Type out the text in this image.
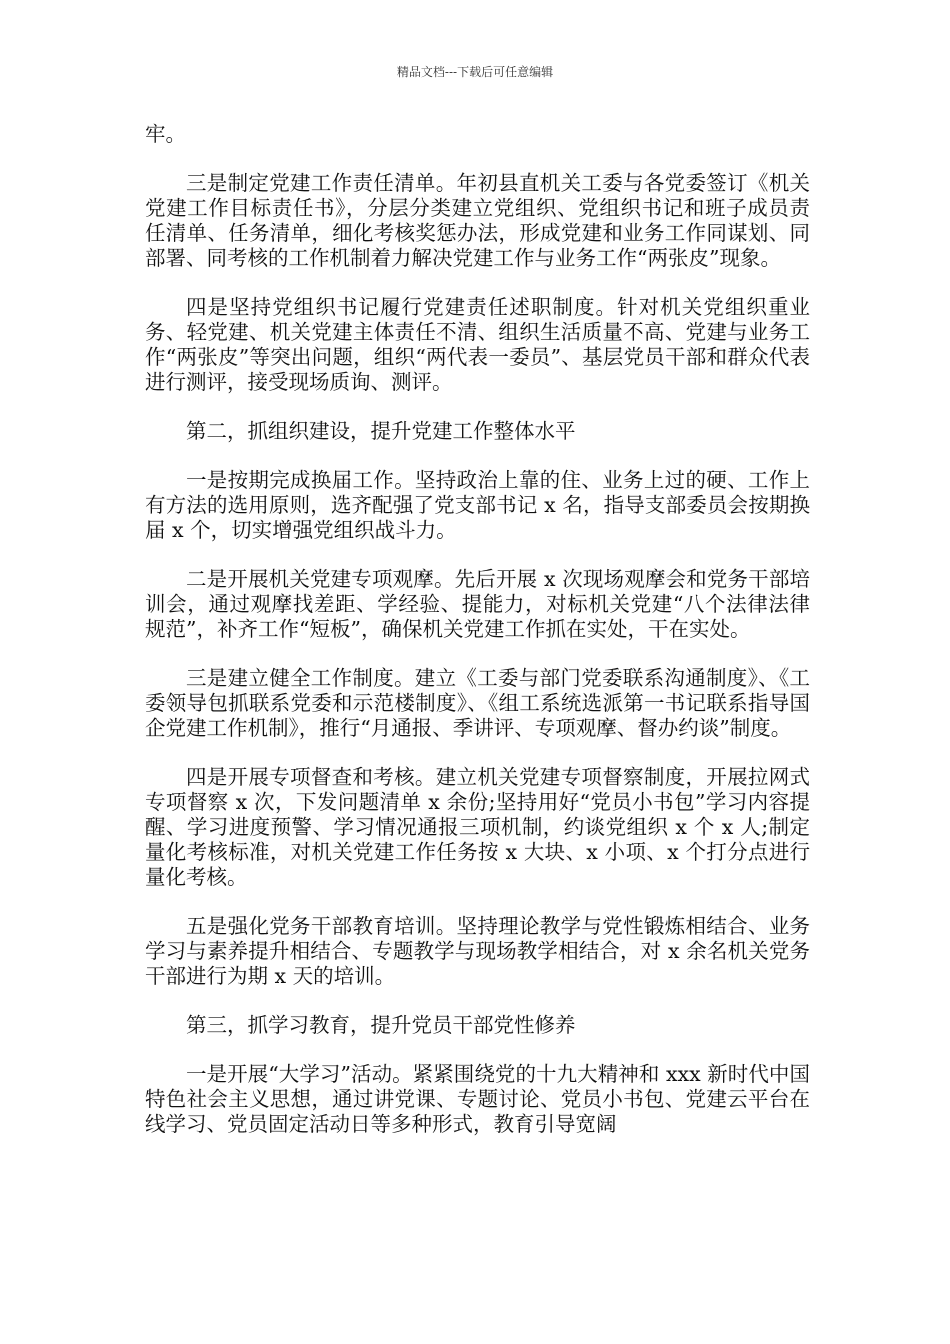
精品文档---下载后可任意编辑

牢。

三是制定党建工作责任清单。年初县直机关工委与各党委签订《机关党建工作目标责任书》，分层分类建立党组织、党组织书记和班子成员责任清单、任务清单，细化考核奖惩办法，形成党建和业务工作同谋划、同部署、同考核的工作机制着力解决党建工作与业务工作“两张皮”现象。

四是坚持党组织书记履行党建责任述职制度。针对机关党组织重业务、轻党建、机关党建主体责任不清、组织生活质量不高、党建与业务工作“两张皮”等突出问题，组织“两代表一委员”、基层党员干部和群众代表进行测评，接受现场质询、测评。

第二，抓组织建设，提升党建工作整体水平

一是按期完成换届工作。坚持政治上靠的住、业务上过的硬、工作上有方法的选用原则，选齐配强了党支部书记 x 名，指导支部委员会按期换届 x 个，切实增强党组织战斗力。

二是开展机关党建专项观摩。先后开展 x 次现场观摩会和党务干部培训会，通过观摩找差距、学经验、提能力，对标机关党建“八个法律法律规范”，补齐工作“短板”，确保机关党建工作抓在实处，干在实处。

三是建立健全工作制度。建立《工委与部门党委联系沟通制度》、《工委领导包抓联系党委和示范楼制度》、《组工系统选派第一书记联系指导国企党建工作机制》，推行“月通报、季讲评、专项观摩、督办约谈”制度。

四是开展专项督查和考核。建立机关党建专项督察制度，开展拉网式专项督察 x 次，下发问题清单 x 余份;坚持用好“党员小书包”学习内容提醒、学习进度预警、学习情况通报三项机制，约谈党组织 x 个 x 人;制定量化考核标准，对机关党建工作任务按 x 大块、x 小项、x 个打分点进行量化考核。

五是强化党务干部教育培训。坚持理论教学与党性锻炼相结合、业务学习与素养提升相结合、专题教学与现场教学相结合，对 x 余名机关党务干部进行为期 x 天的培训。

第三，抓学习教育，提升党员干部党性修养

一是开展“大学习”活动。紧紧围绕党的十九大精神和 xxx 新时代中国特色社会主义思想，通过讲党课、专题讨论、党员小书包、党建云平台在线学习、党员固定活动日等多种形式，教育引导宽阔
